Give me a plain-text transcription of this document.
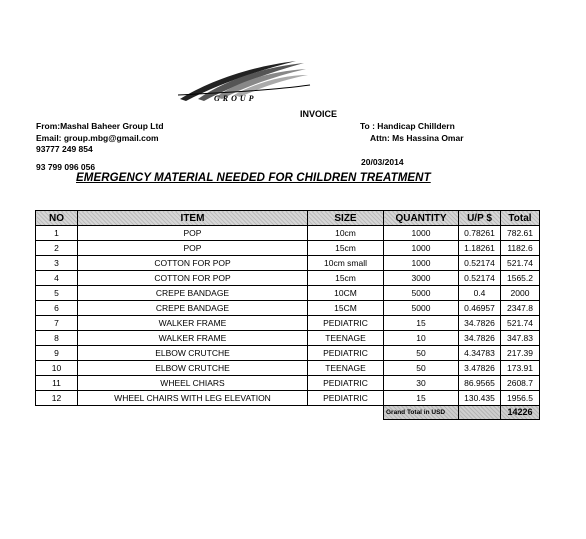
GROUP
INVOICE
From:Mashal Baheer Group Ltd
Email: group.mbg@gmail.com
93777 249 854
93 799 096 056
To : Handicap Chilldern
Attn: Ms Hassina Omar
20/03/2014
EMERGENCY MATERIAL NEEDED FOR CHILDREN TREATMENT
NO	ITEM	SIZE	QUANTITY	U/P $	Total
1	POP	10cm	1000	0.78261	782.61
2	POP	15cm	1000	1.18261	1182.6
3	COTTON FOR POP	10cm small	1000	0.52174	521.74
4	COTTON FOR POP	15cm	3000	0.52174	1565.2
5	CREPE BANDAGE	10CM	5000	0.4	2000
6	CREPE BANDAGE	15CM	5000	0.46957	2347.8
7	WALKER FRAME	PEDIATRIC	15	34.7826	521.74
8	WALKER FRAME	TEENAGE	10	34.7826	347.83
9	ELBOW CRUTCHE	PEDIATRIC	50	4.34783	217.39
10	ELBOW CRUTCHE	TEENAGE	50	3.47826	173.91
11	WHEEL CHIARS	PEDIATRIC	30	86.9565	2608.7
12	WHEEL CHAIRS WITH LEG ELEVATION	PEDIATRIC	15	130.435	1956.5
			Grand Total in USD		14226
